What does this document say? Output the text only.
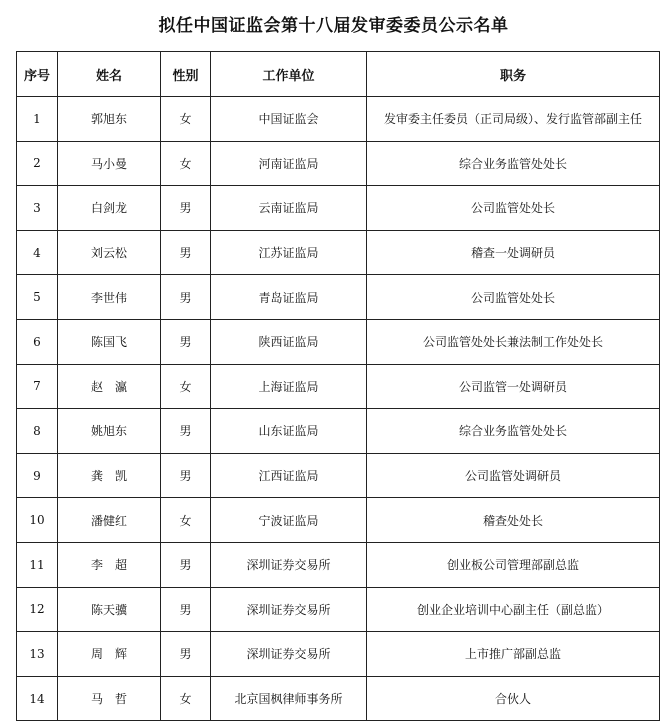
拟任中国证监会第十八届发审委委员公示名单
序号	姓名	性别	工作单位	职务
1	郭旭东	女	中国证监会	发审委主任委员（正司局级）、发行监管部副主任
2	马小曼	女	河南证监局	综合业务监管处处长
3	白剑龙	男	云南证监局	公司监管处处长
4	刘云松	男	江苏证监局	稽查一处调研员
5	李世伟	男	青岛证监局	公司监管处处长
6	陈国飞	男	陕西证监局	公司监管处处长兼法制工作处处长
7	赵　瀛	女	上海证监局	公司监管一处调研员
8	姚旭东	男	山东证监局	综合业务监管处处长
9	龚　凯	男	江西证监局	公司监管处调研员
10	潘健红	女	宁波证监局	稽查处处长
11	李　超	男	深圳证券交易所	创业板公司管理部副总监
12	陈天骥	男	深圳证券交易所	创业企业培训中心副主任（副总监）
13	周　辉	男	深圳证券交易所	上市推广部副总监
14	马　哲	女	北京国枫律师事务所	合伙人
